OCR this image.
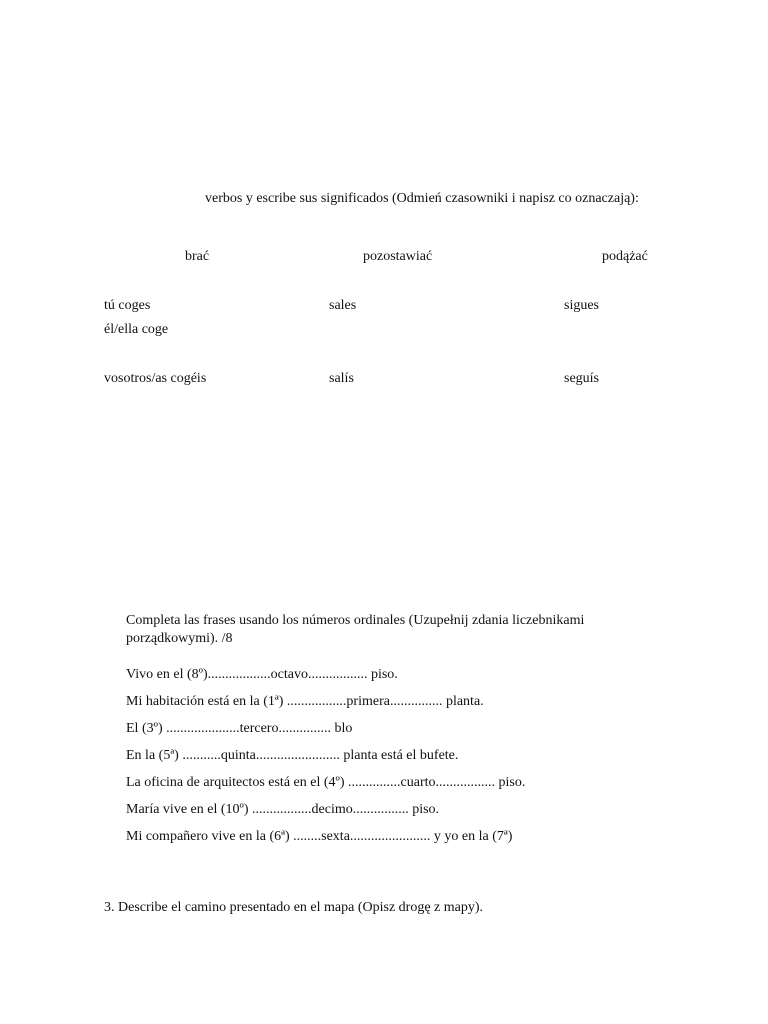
verbos y escribe sus significados (Odmień czasowniki i napisz co oznaczają):
brać	pozostawiać	podążać
tú coges	sales	sigues
él/ella coge
vosotros/as cogéis	salís	seguís
Completa las frases usando los números ordinales (Uzupełnij zdania liczebnikami porządkowymi). /8
Vivo en el (8º)..................octavo................. piso.
Mi habitación está en la (1ª) .................primera............... planta.
El (3º) .....................tercero............... blo
En la (5ª) ...........quinta........................ planta está el bufete.
La oficina de arquitectos está en el (4º) ...............cuarto................. piso.
María vive en el (10º) .................decimo................ piso.
Mi compañero vive en la (6ª) ........sexta....................... y yo en la (7ª)
3. Describe el camino presentado en el mapa (Opisz drogę z mapy).
